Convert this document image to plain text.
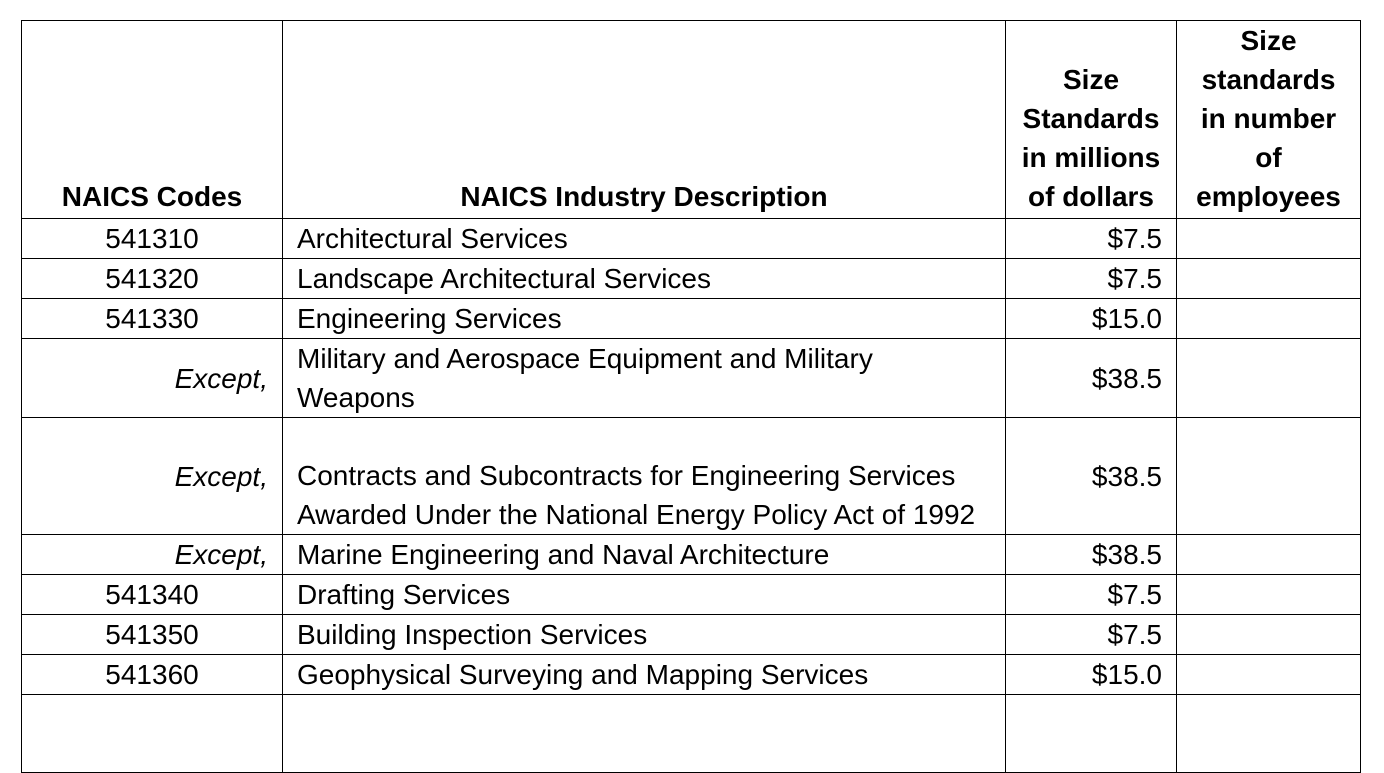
NAICS Codes	NAICS Industry Description	Size Standards in millions of dollars	Size standards in number of employees
541310	Architectural Services	$7.5	
541320	Landscape Architectural Services	$7.5	
541330	Engineering Services	$15.0	
Except,	Military and Aerospace Equipment and Military Weapons	$38.5	
Except,	Contracts and Subcontracts for Engineering Services Awarded Under the National Energy Policy Act of 1992	$38.5	
Except,	Marine Engineering and Naval Architecture	$38.5	
541340	Drafting Services	$7.5	
541350	Building Inspection Services	$7.5	
541360	Geophysical Surveying and Mapping Services	$15.0	
